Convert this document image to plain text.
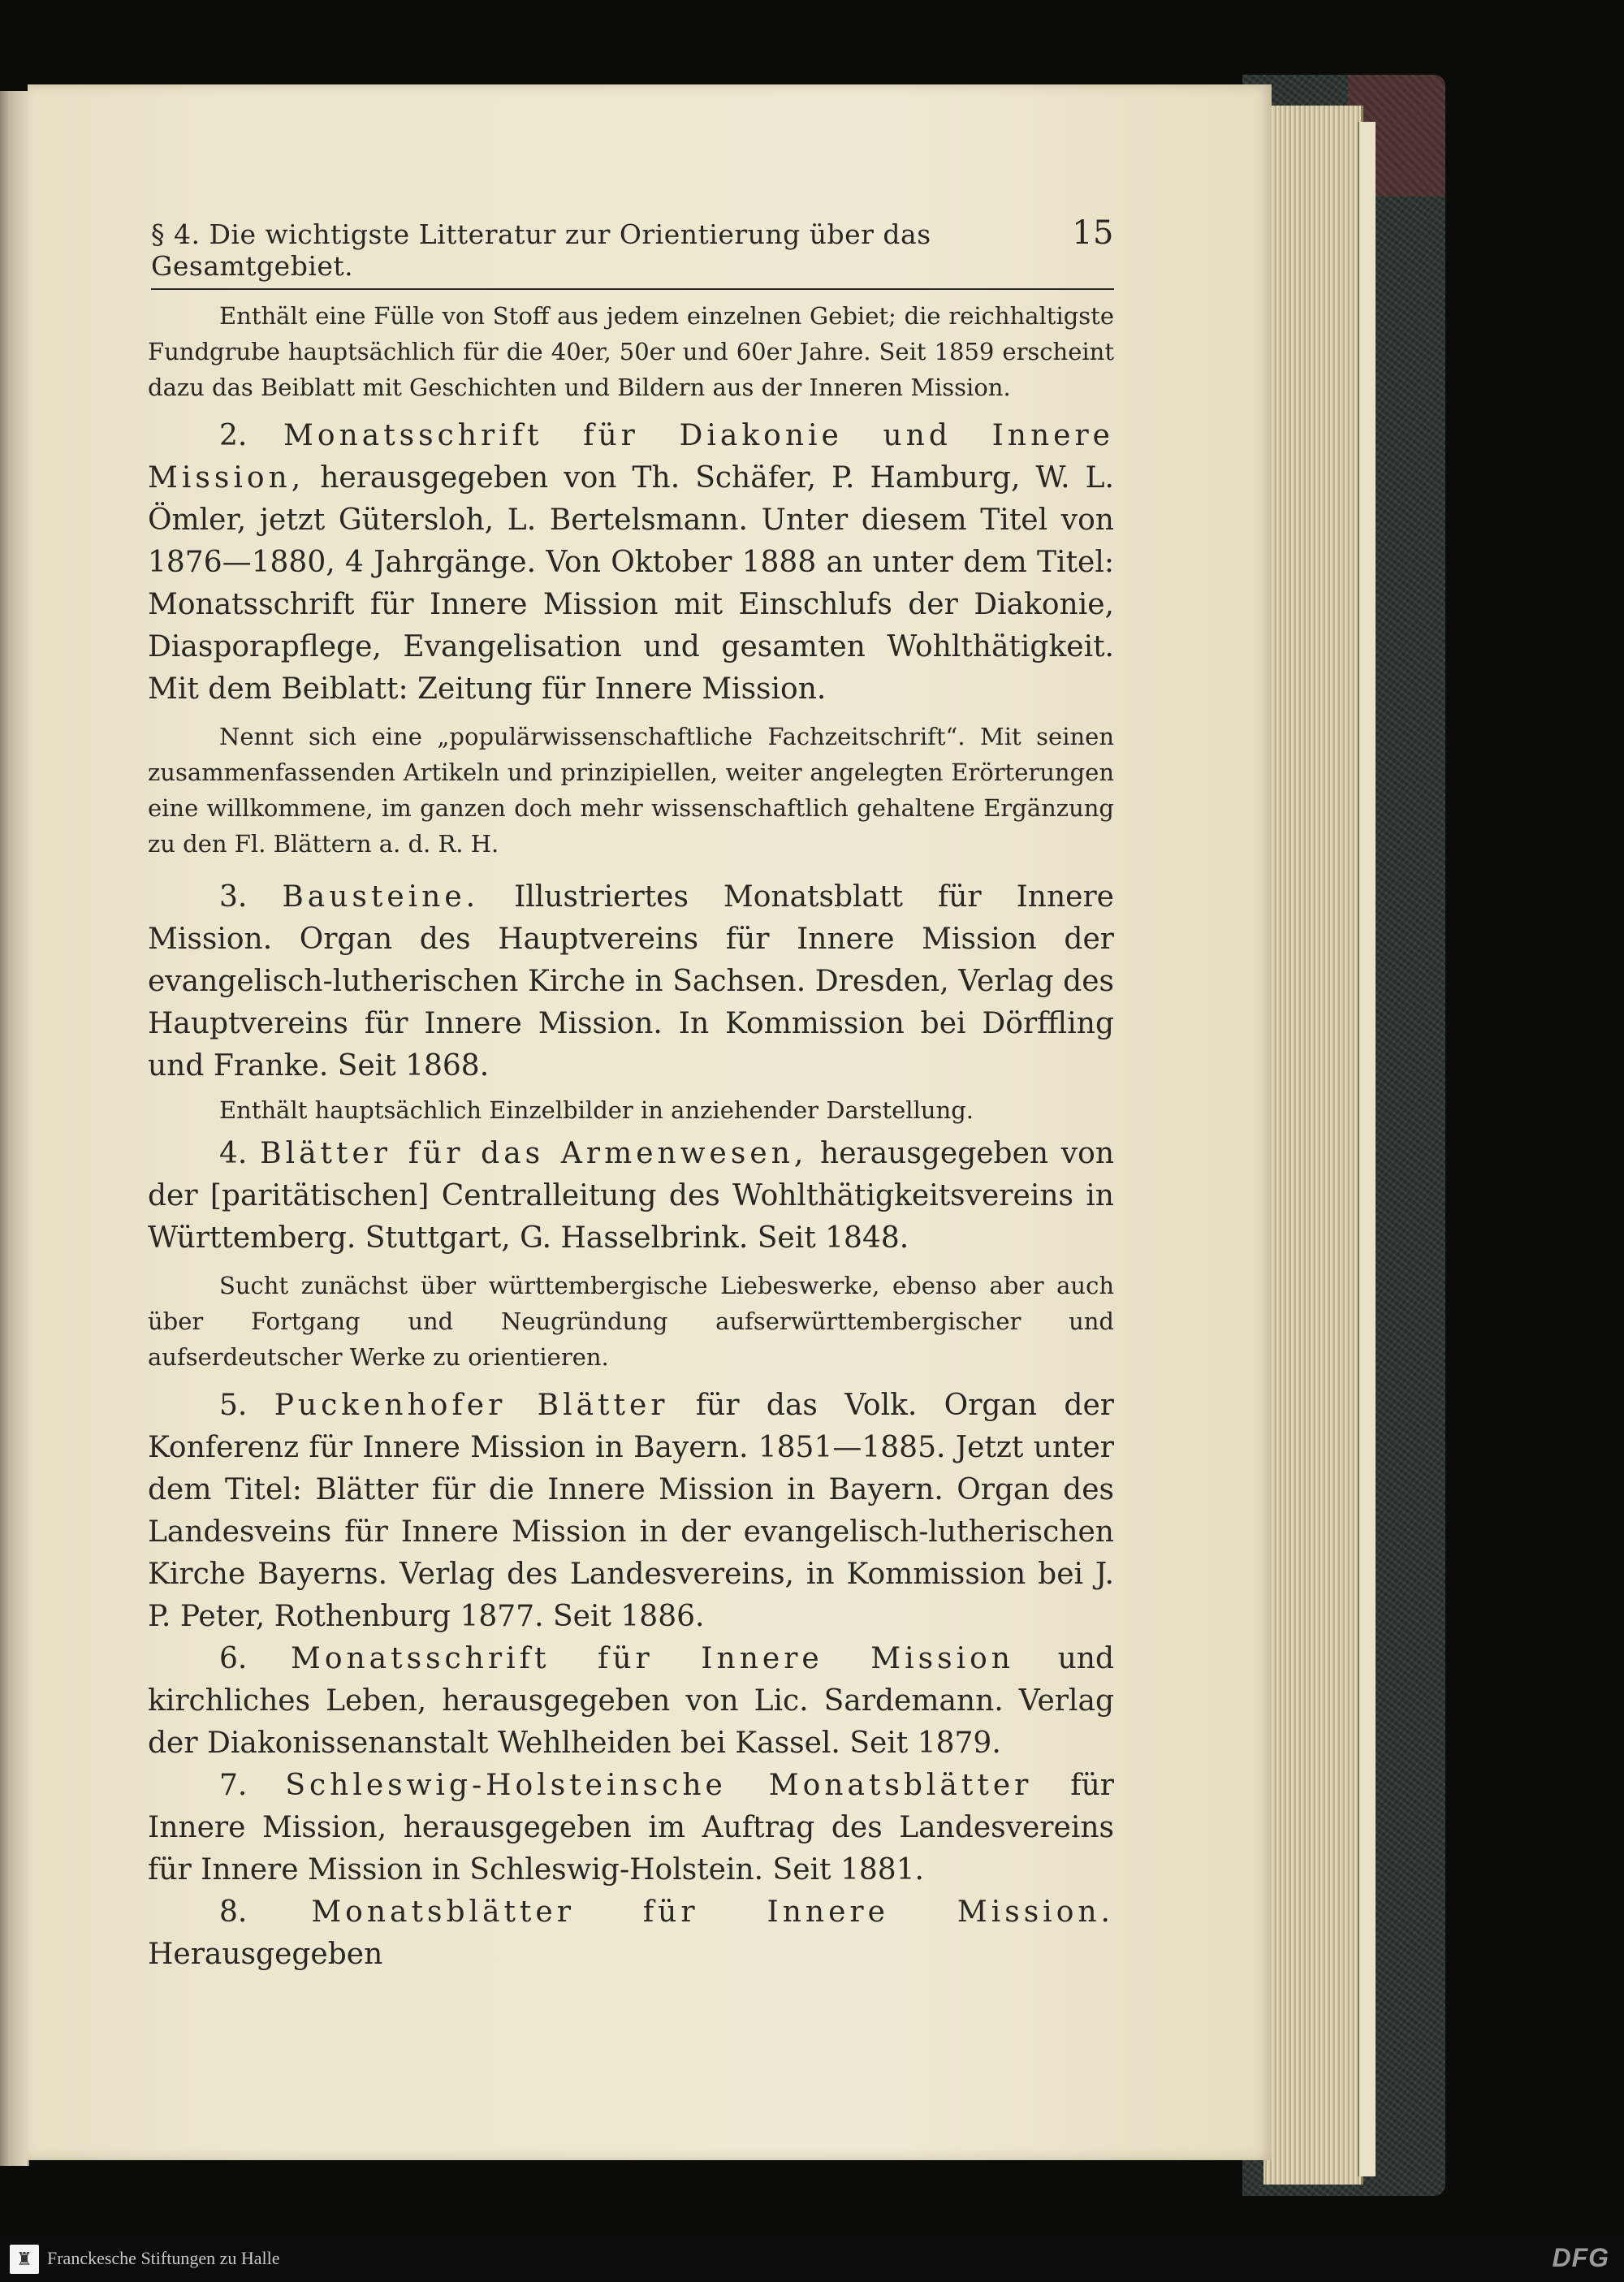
§ 4. Die wichtigste Litteratur zur Orientierung über das Gesamtgebiet.
15

Enthält eine Fülle von Stoff aus jedem einzelnen Gebiet; die reichhaltigste Fundgrube hauptsächlich für die 40er, 50er und 60er Jahre. Seit 1859 erscheint dazu das Beiblatt mit Geschichten und Bildern aus der Inneren Mission.

2. Monatsschrift für Diakonie und Innere Mission, herausgegeben von Th. Schäfer, P. Hamburg, W. L. Ömler, jetzt Gütersloh, L. Bertelsmann. Unter diesem Titel von 1876—1880, 4 Jahrgänge. Von Oktober 1888 an unter dem Titel: Monatsschrift für Innere Mission mit Einschlufs der Diakonie, Diasporapflege, Evangelisation und gesamten Wohlthätigkeit. Mit dem Beiblatt: Zeitung für Innere Mission.

Nennt sich eine „populärwissenschaftliche Fachzeitschrift“. Mit seinen zusammenfassenden Artikeln und prinzipiellen, weiter angelegten Erörterungen eine willkommene, im ganzen doch mehr wissenschaftlich gehaltene Ergänzung zu den Fl. Blättern a. d. R. H.

3. Bausteine. Illustriertes Monatsblatt für Innere Mission. Organ des Hauptvereins für Innere Mission der evangelisch-lutherischen Kirche in Sachsen. Dresden, Verlag des Hauptvereins für Innere Mission. In Kommission bei Dörffling und Franke. Seit 1868.

Enthält hauptsächlich Einzelbilder in anziehender Darstellung.

4. Blätter für das Armenwesen, herausgegeben von der [paritätischen] Centralleitung des Wohlthätigkeitsvereins in Württemberg. Stuttgart, G. Hasselbrink. Seit 1848.

Sucht zunächst über württembergische Liebeswerke, ebenso aber auch über Fortgang und Neugründung aufserwürttembergischer und aufserdeutscher Werke zu orientieren.

5. Puckenhofer Blätter für das Volk. Organ der Konferenz für Innere Mission in Bayern. 1851—1885. Jetzt unter dem Titel: Blätter für die Innere Mission in Bayern. Organ des Landesveins für Innere Mission in der evangelisch-lutherischen Kirche Bayerns. Verlag des Landesvereins, in Kommission bei J. P. Peter, Rothenburg 1877. Seit 1886.

6. Monatsschrift für Innere Mission und kirchliches Leben, herausgegeben von Lic. Sardemann. Verlag der Diakonissenanstalt Wehlheiden bei Kassel. Seit 1879.

7. Schleswig-Holsteinsche Monatsblätter für Innere Mission, herausgegeben im Auftrag des Landesvereins für Innere Mission in Schleswig-Holstein. Seit 1881.

8. Monatsblätter für Innere Mission. Herausgegeben

♜ Franckesche Stiftungen zu Halle	DFG
